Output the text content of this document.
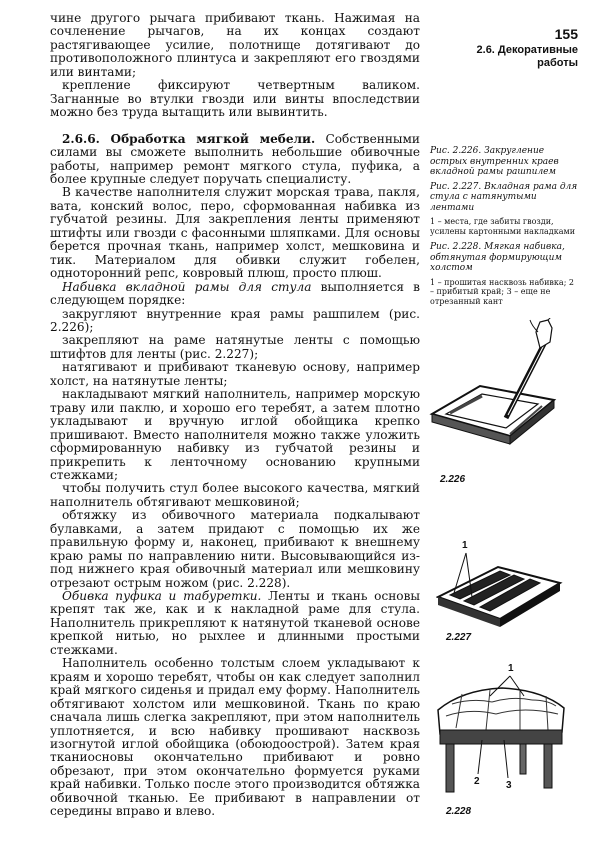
155
2.6. Декоративные работы

чине другого рычага прибивают ткань. Нажимая на сочленение рычагов, на их концах создают растягивающее усилие, полотнище дотягивают до противоположного плинтуса и закрепляют его гвоздями или винтами;

крепление фиксируют четвертным валиком. Загнанные во втулки гвозди или винты впоследствии можно без труда вытащить или вывинтить.

2.6.6. Обработка мягкой мебели. Собственными силами вы сможете выполнить небольшие обивочные работы, например ремонт мягкого стула, пуфика, а более крупные следует поручать специалисту.

В качестве наполнителя служит морская трава, пакля, вата, конский волос, перо, сформованная набивка из губчатой резины. Для закрепления ленты применяют штифты или гвозди с фасонными шляпками. Для основы берется прочная ткань, например холст, мешковина и тик. Материалом для обивки служит гобелен, одноторонний репс, ковровый плюш, просто плюш.

Набивка вкладной рамы для стула выполняется в следующем порядке:

закругляют внутренние края рамы рашпилем (рис. 2.226);

закрепляют на раме натянутые ленты с помощью штифтов для ленты (рис. 2.227);

натягивают и прибивают тканевую основу, например холст, на натянутые ленты;

накладывают мягкий наполнитель, например морскую траву или паклю, и хорошо его теребят, а затем плотно укладывают и вручную иглой обойщика крепко пришивают. Вместо наполнителя можно также уложить сформированную набивку из губчатой резины и прикрепить к ленточному основанию крупными стежками;

чтобы получить стул более высокого качества, мягкий наполнитель обтягивают мешковиной;

обтяжку из обивочного материала подкалывают булавками, а затем придают с помощью их же правильную форму и, наконец, прибивают к внешнему краю рамы по направлению нити. Высовывающийся из-под нижнего края обивочный материал или мешковину отрезают острым ножом (рис. 2.228).

Обивка пуфика и табуретки. Ленты и ткань основы крепят так же, как и к накладной раме для стула. Наполнитель прикрепляют к натянутой тканевой основе крепкой нитью, но рыхлее и длинными простыми стежками.

Наполнитель особенно толстым слоем укладывают к краям и хорошо теребят, чтобы он как следует заполнил край мягкого сиденья и придал ему форму. Наполнитель обтягивают холстом или мешковиной. Ткань по краю сначала лишь слегка закрепляют, при этом наполнитель уплотняется, и всю набивку прошивают насквозь изогнутой иглой обойщика (обоюдоострой). Затем края тканиосновы окончательно прибивают и ровно обрезают, при этом окончательно формуется руками край набивки. Только после этого производится обтяжка обивочной тканью. Ее прибивают в направлении от середины вправо и влево.

Рис. 2.226. Закругление острых внутренних краев вкладной рамы рашпилем
Рис. 2.227. Вкладная рама для стула с натянутыми лентами
1 – места, где забиты гвозди, усилены картонными накладками
Рис. 2.228. Мягкая набивка, обтянутая формирующим холстом
1 – прошитая насквозь набивка; 2 – прибитый край; 3 – еще не отрезанный кант
2.226
1
2.227
1
2	3
2.228
